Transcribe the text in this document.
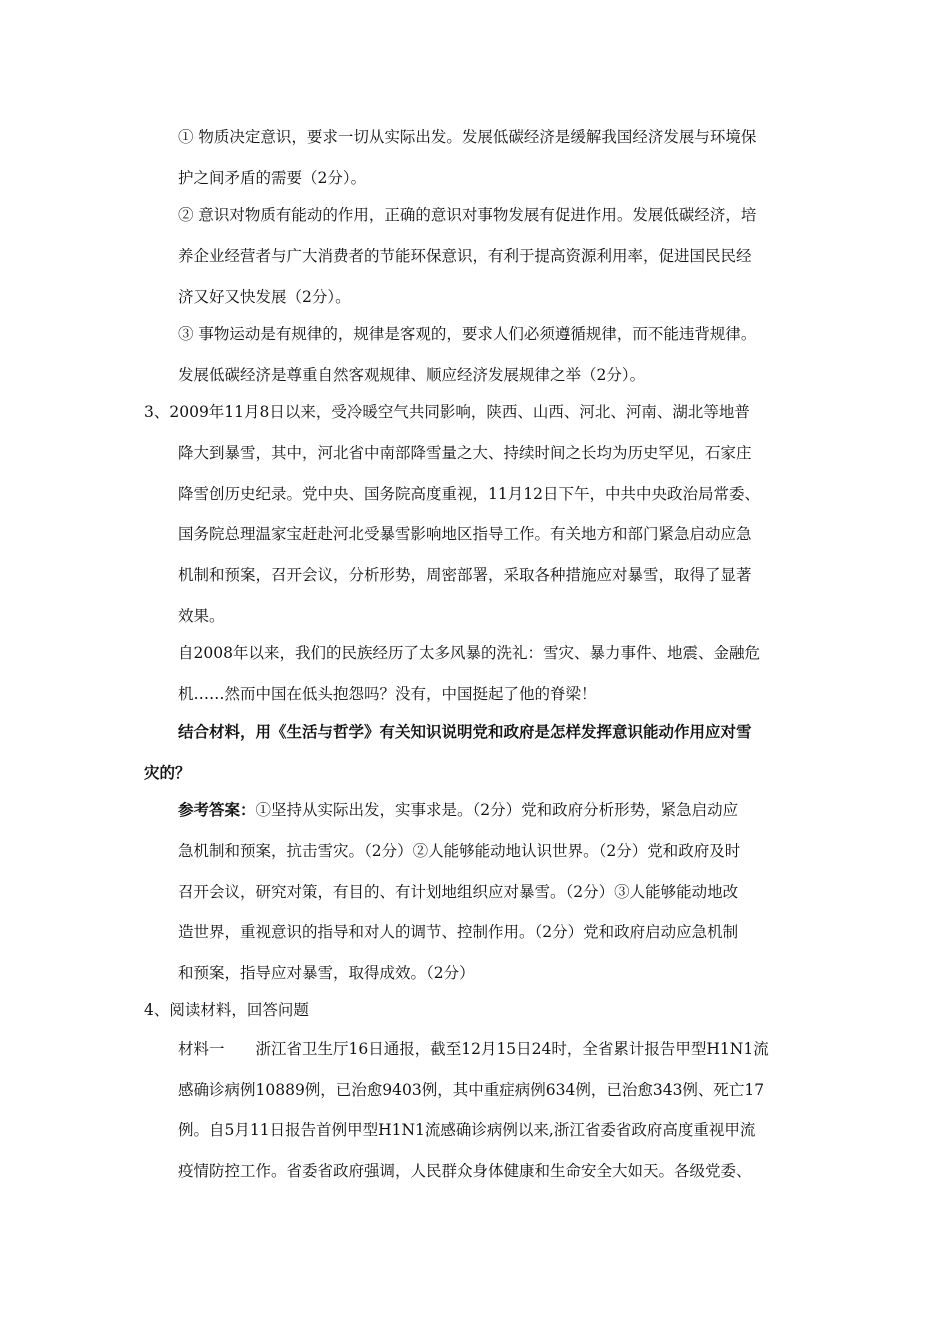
① 物质决定意识，要求一切从实际出发。发展低碳经济是缓解我国经济发展与环境保
护之间矛盾的需要（2分）。
② 意识对物质有能动的作用，正确的意识对事物发展有促进作用。发展低碳经济，培
养企业经营者与广大消费者的节能环保意识，有利于提高资源利用率，促进国民民经
济又好又快发展（2分）。
③ 事物运动是有规律的，规律是客观的，要求人们必须遵循规律，而不能违背规律。
发展低碳经济是尊重自然客观规律、顺应经济发展规律之举（2分）。
3、2009年11月8日以来，受冷暖空气共同影响，陕西、山西、河北、河南、湖北等地普
降大到暴雪，其中，河北省中南部降雪量之大、持续时间之长均为历史罕见，石家庄
降雪创历史纪录。党中央、国务院高度重视，11月12日下午，中共中央政治局常委、
国务院总理温家宝赶赴河北受暴雪影响地区指导工作。有关地方和部门紧急启动应急
机制和预案，召开会议，分析形势，周密部署，采取各种措施应对暴雪，取得了显著
效果。
自2008年以来，我们的民族经历了太多风暴的洗礼：雪灾、暴力事件、地震、金融危
机……然而中国在低头抱怨吗？没有，中国挺起了他的脊梁！
结合材料，用《生活与哲学》有关知识说明党和政府是怎样发挥意识能动作用应对雪
灾的？
参考答案：①坚持从实际出发，实事求是。（2分）党和政府分析形势，紧急启动应
急机制和预案，抗击雪灾。（2分）②人能够能动地认识世界。（2分）党和政府及时
召开会议，研究对策，有目的、有计划地组织应对暴雪。（2分）③人能够能动地改
造世界，重视意识的指导和对人的调节、控制作用。（2分）党和政府启动应急机制
和预案，指导应对暴雪，取得成效。（2分）
4、阅读材料，回答问题
材料一　　浙江省卫生厅16日通报，截至12月15日24时，全省累计报告甲型H1N1流
感确诊病例10889例，已治愈9403例，其中重症病例634例，已治愈343例、死亡17
例。自5月11日报告首例甲型H1N1流感确诊病例以来,浙江省委省政府高度重视甲流
疫情防控工作。省委省政府强调，人民群众身体健康和生命安全大如天。各级党委、
